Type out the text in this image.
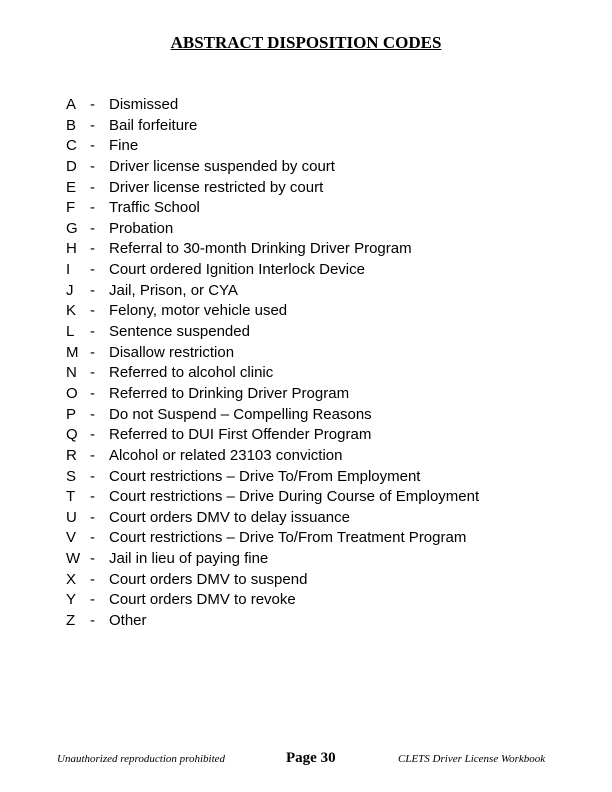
ABSTRACT DISPOSITION CODES
A - Dismissed
B - Bail forfeiture
C - Fine
D - Driver license suspended by court
E - Driver license restricted by court
F - Traffic School
G - Probation
H - Referral to 30-month Drinking Driver Program
I - Court ordered Ignition Interlock Device
J - Jail, Prison, or CYA
K - Felony, motor vehicle used
L - Sentence suspended
M - Disallow restriction
N - Referred to alcohol clinic
O - Referred to Drinking Driver Program
P - Do not Suspend – Compelling Reasons
Q - Referred to DUI First Offender Program
R - Alcohol or related 23103 conviction
S - Court restrictions – Drive To/From Employment
T - Court restrictions – Drive During Course of Employment
U - Court orders DMV to delay issuance
V - Court restrictions – Drive To/From Treatment Program
W - Jail in lieu of paying fine
X - Court orders DMV to suspend
Y - Court orders DMV to revoke
Z - Other
Unauthorized reproduction prohibited	Page 30	CLETS Driver License Workbook
